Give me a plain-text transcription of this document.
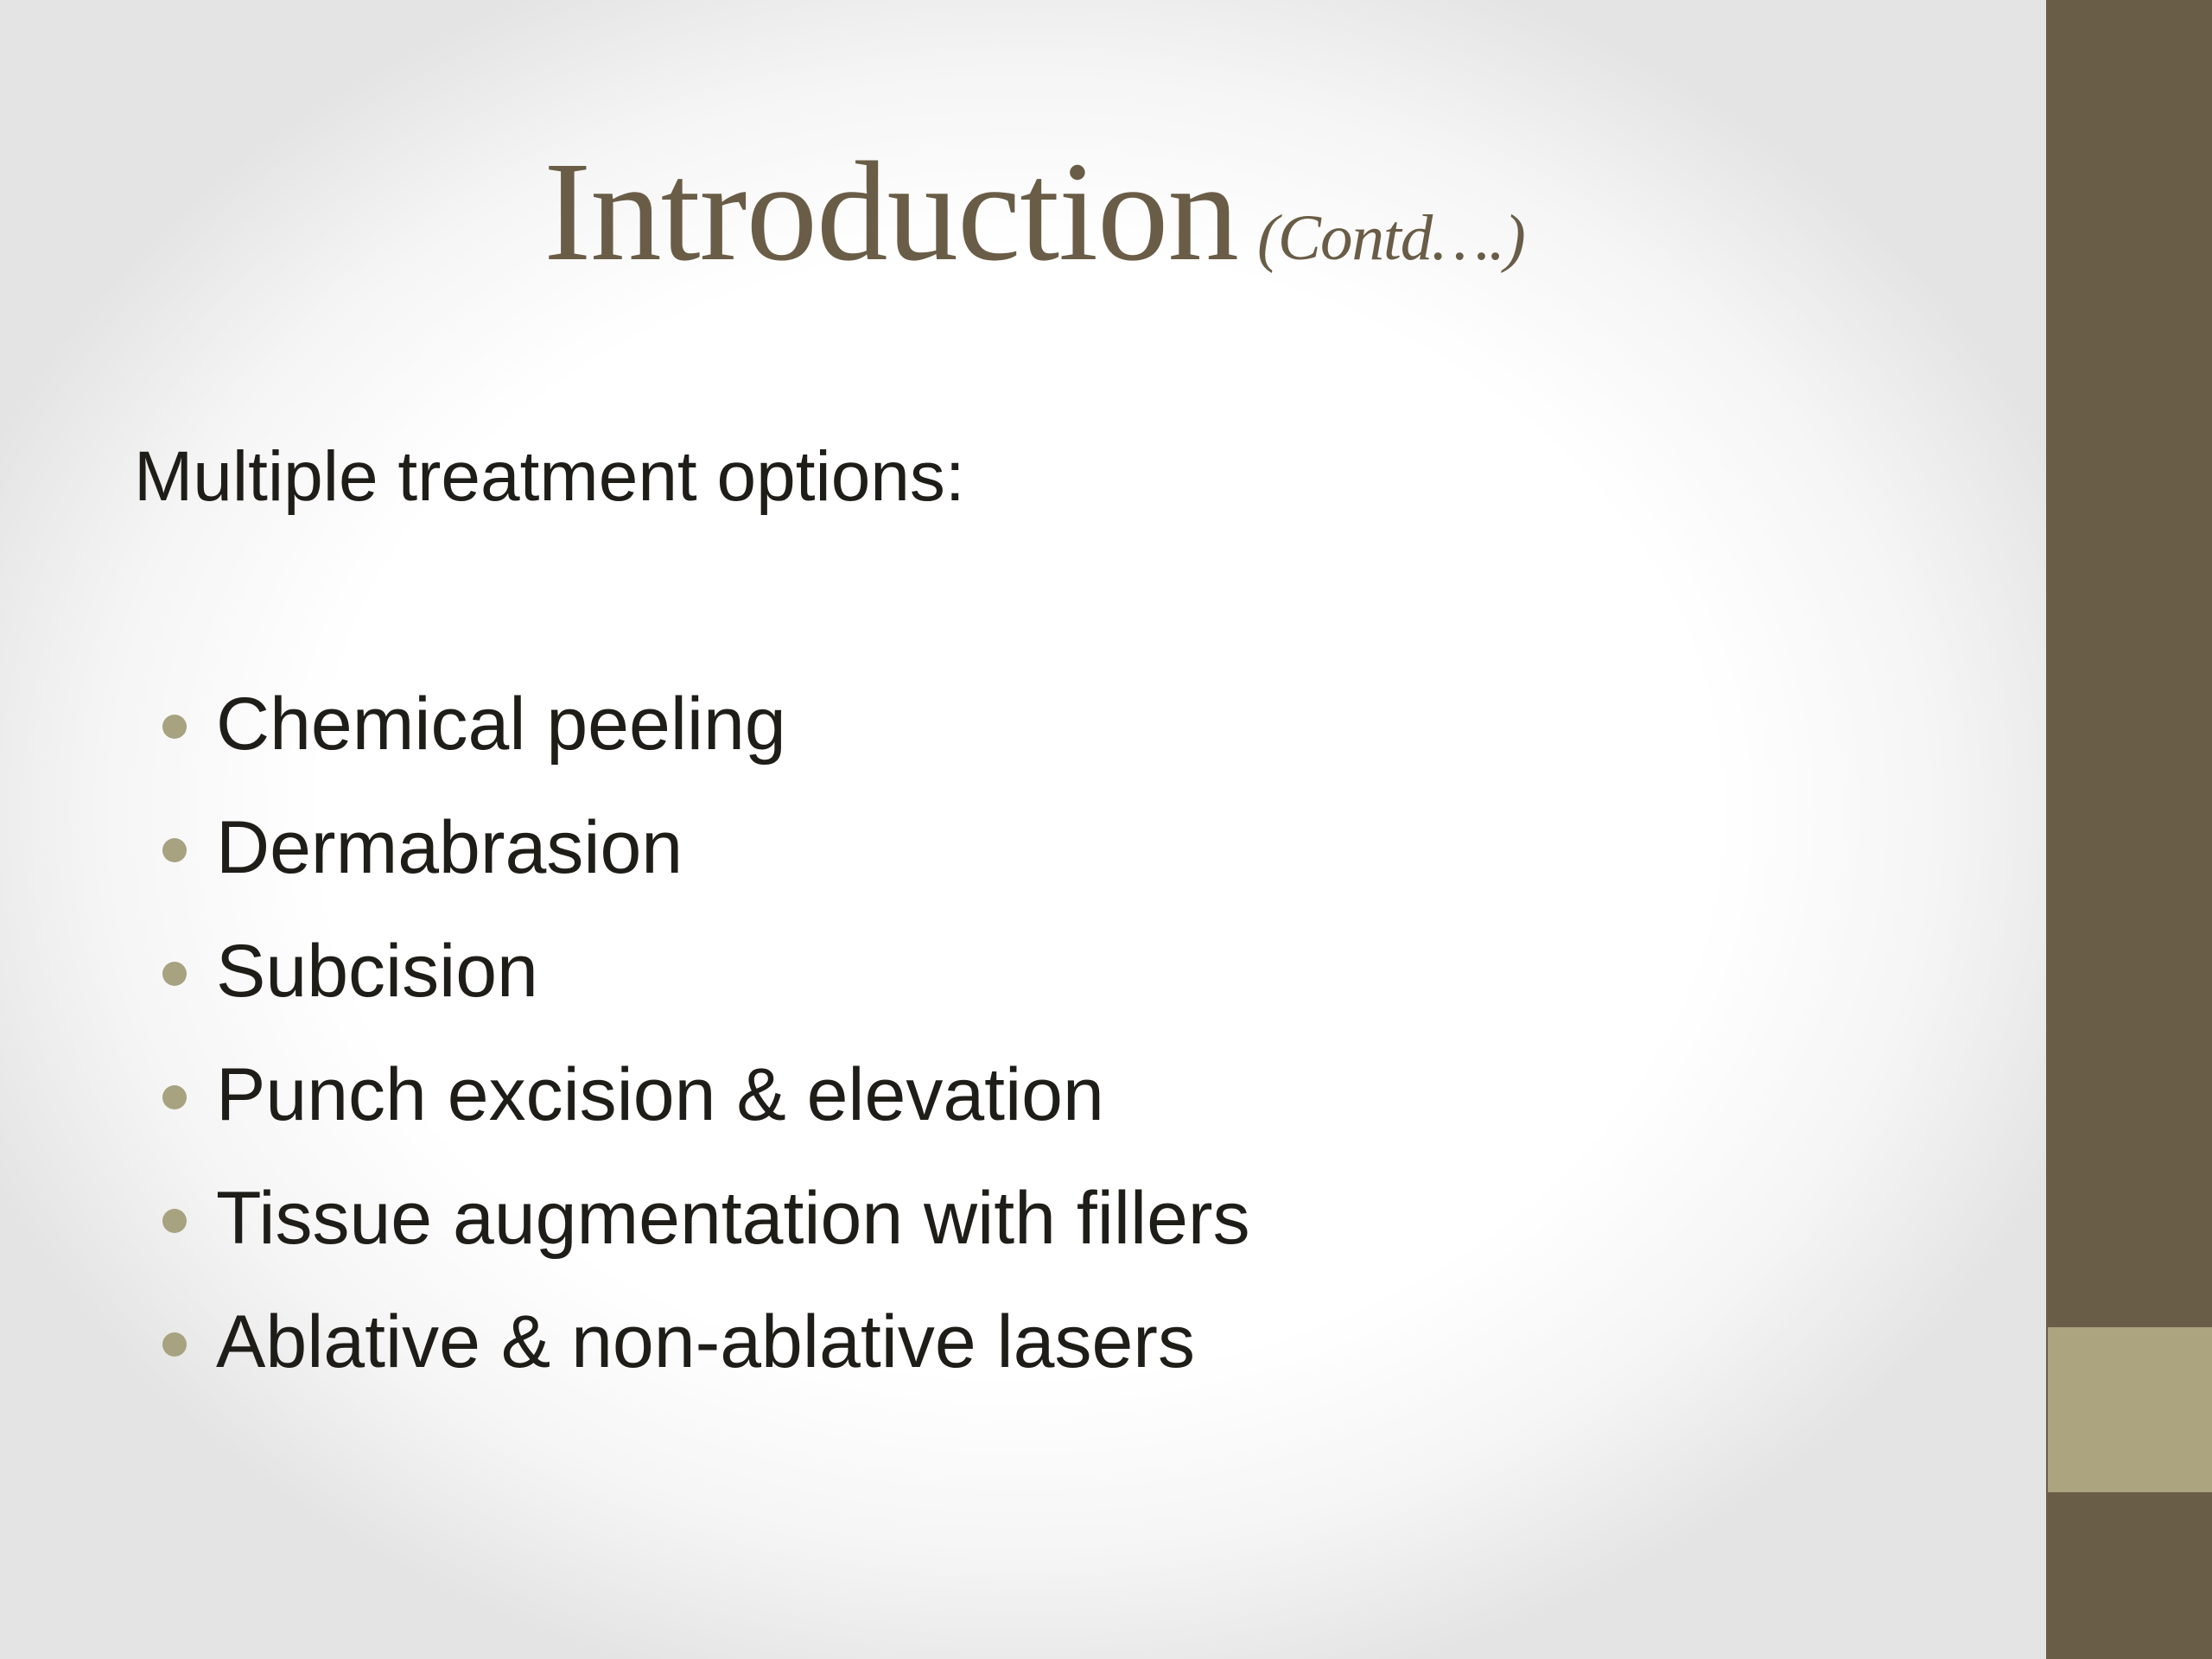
Introduction (Contd….)
Multiple treatment options:
Chemical peeling
Dermabrasion
Subcision
Punch excision & elevation
Tissue augmentation with fillers
Ablative & non-ablative lasers
